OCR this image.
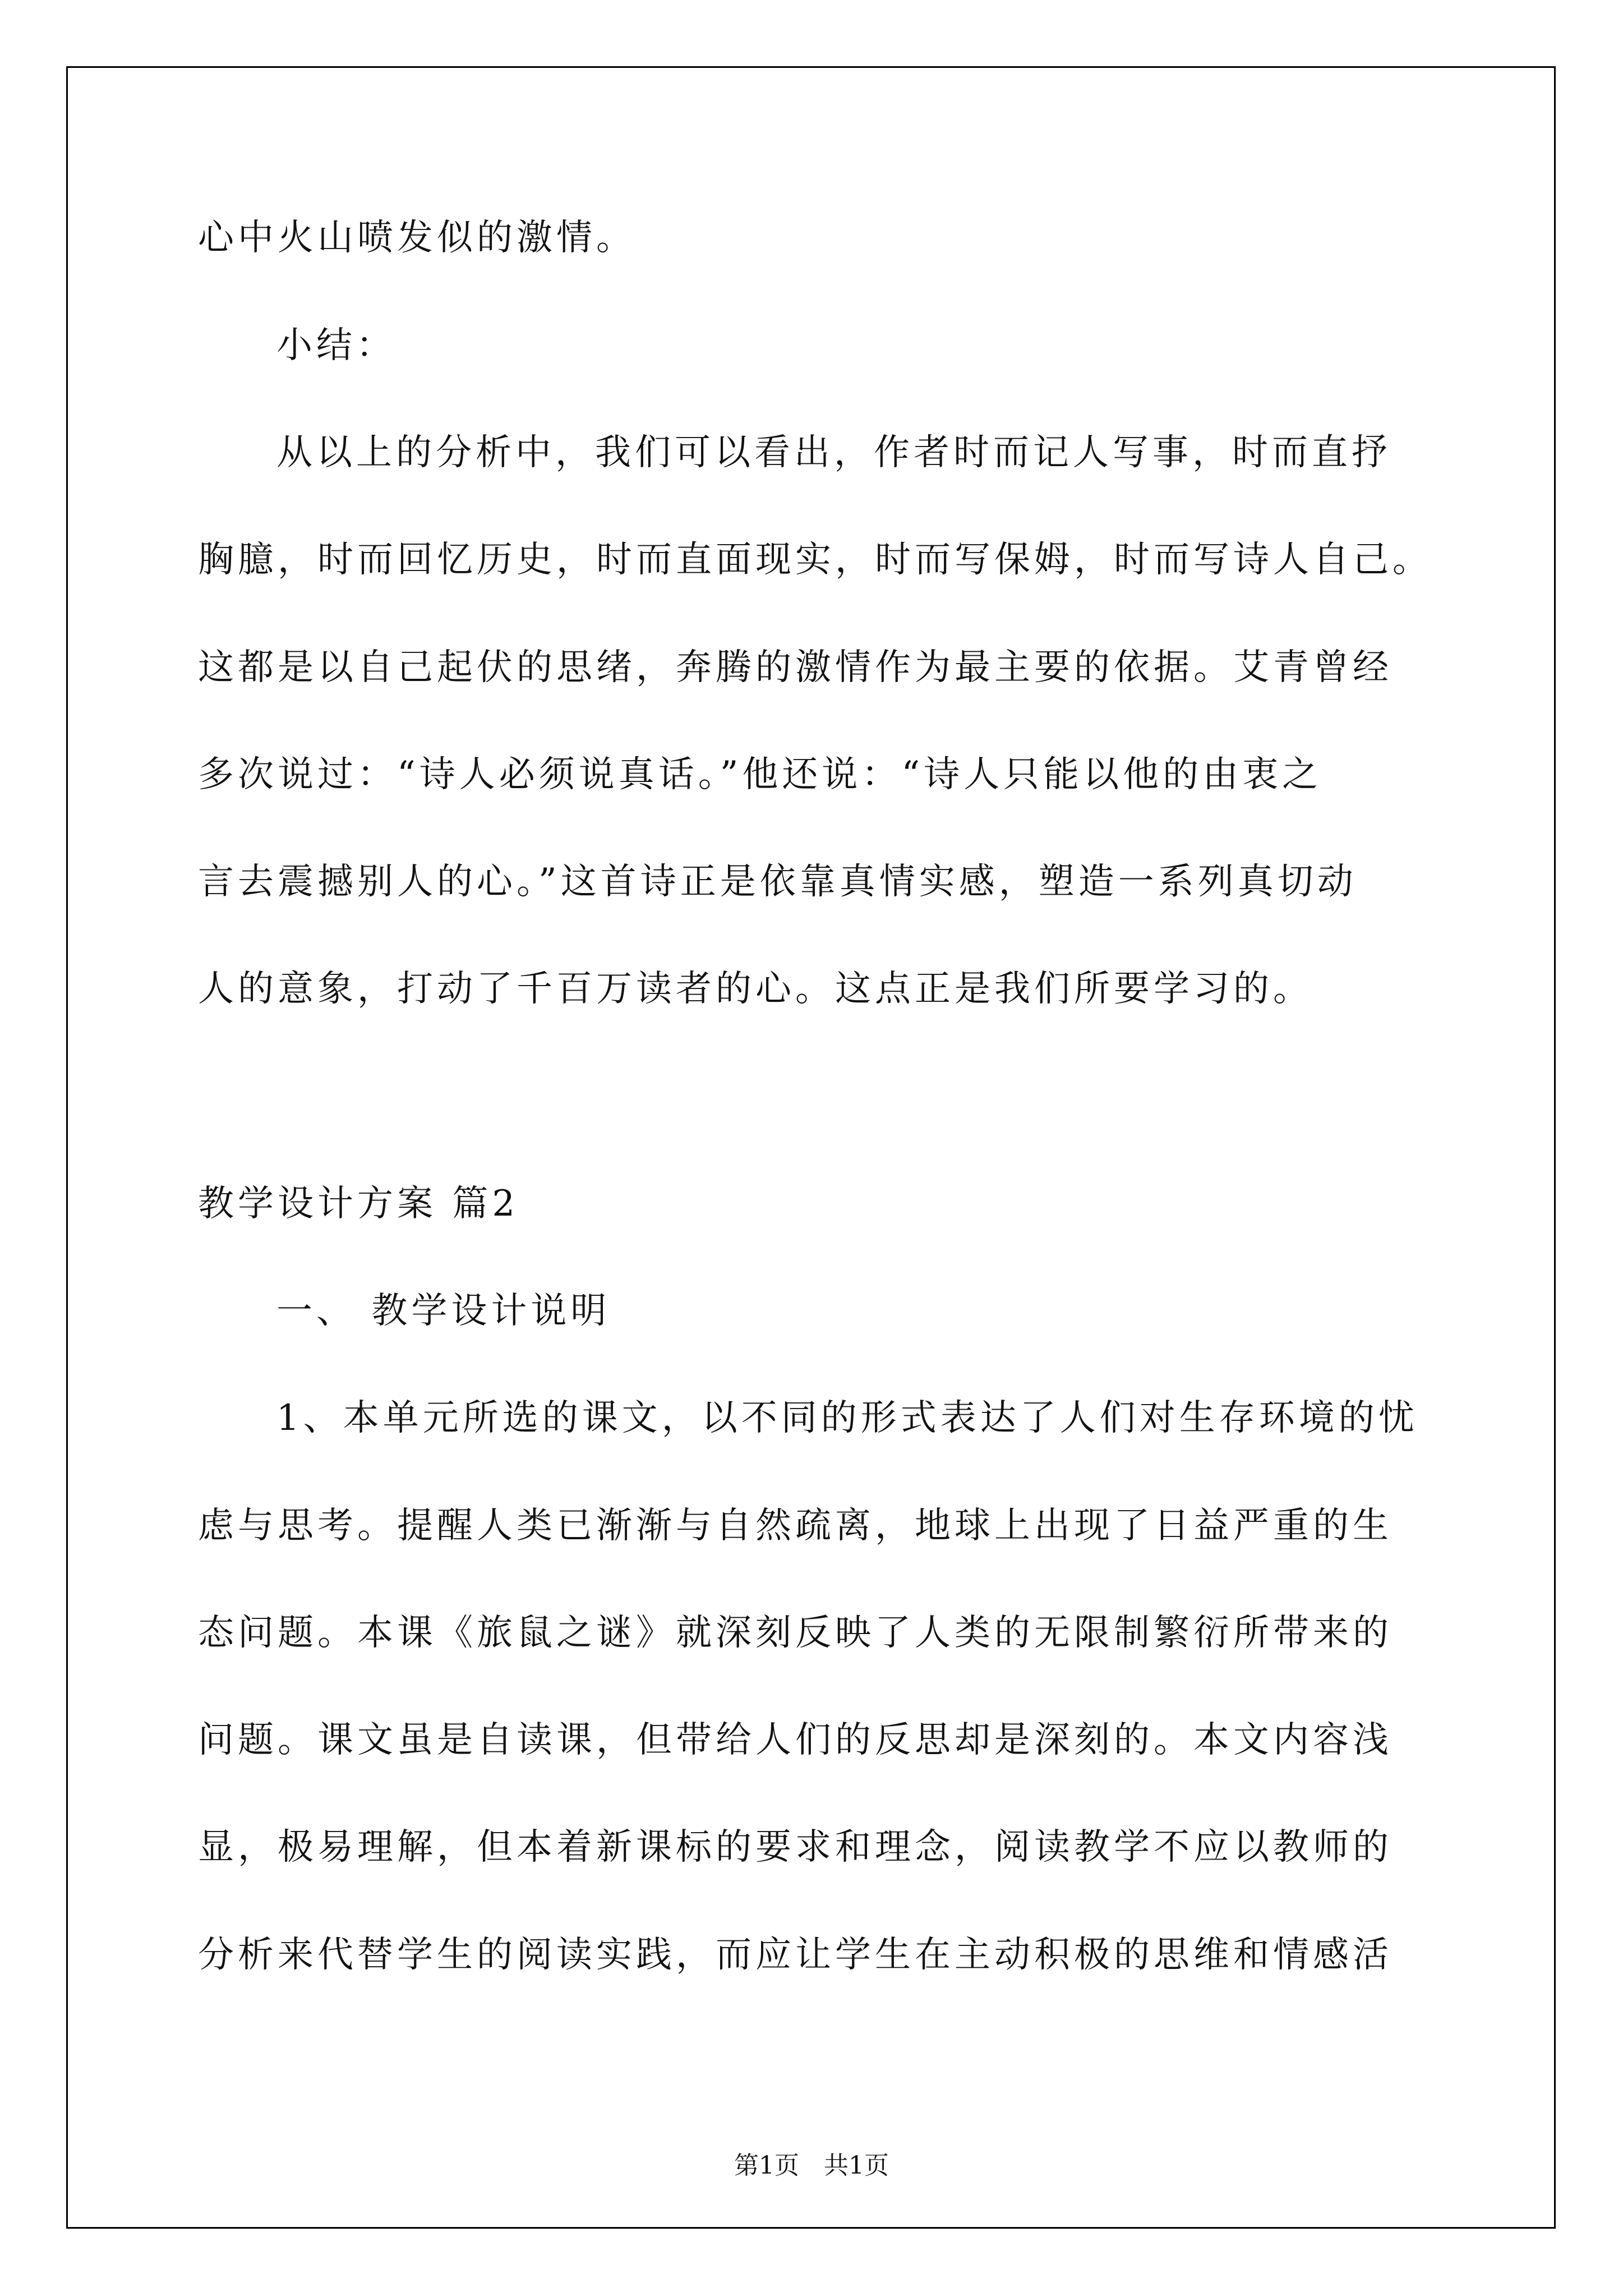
心中火山喷发似的激情。

小结：

从以上的分析中，我们可以看出，作者时而记人写事，时而直抒

胸臆，时而回忆历史，时而直面现实，时而写保姆，时而写诗人自己。

这都是以自己起伏的思绪，奔腾的激情作为最主要的依据。艾青曾经

多次说过：“诗人必须说真话。”他还说：“诗人只能以他的由衷之

言去震撼别人的心。”这首诗正是依靠真情实感，塑造一系列真切动

人的意象，打动了千百万读者的心。这点正是我们所要学习的。

教学设计方案 篇2

一、 教学设计说明

1、本单元所选的课文，以不同的形式表达了人们对生存环境的忧

虑与思考。提醒人类已渐渐与自然疏离，地球上出现了日益严重的生

态问题。本课《旅鼠之谜》就深刻反映了人类的无限制繁衍所带来的

问题。课文虽是自读课，但带给人们的反思却是深刻的。本文内容浅

显，极易理解，但本着新课标的要求和理念，阅读教学不应以教师的

分析来代替学生的阅读实践，而应让学生在主动积极的思维和情感活

第1页　共1页
